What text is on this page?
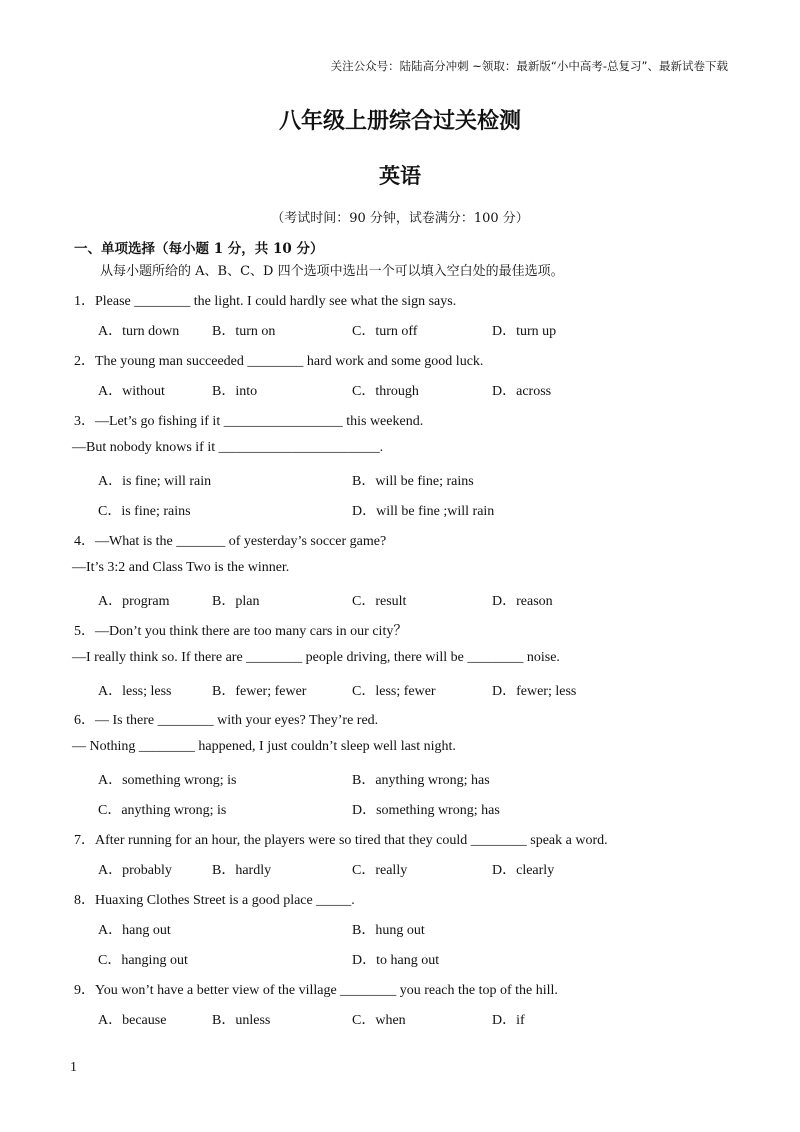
关注公众号：陆陆高分冲刺 ~领取：最新版“小中高考-总复习”、最新试卷下载
八年级上册综合过关检测
英语
（考试时间：90 分钟，试卷满分：100 分）
一、单项选择（每小题 1 分，共 10 分）
从每小题所给的 A、B、C、D 四个选项中选出一个可以填入空白处的最佳选项。
1．Please ________ the light. I could hardly see what the sign says.
A．turn down B．turn on	C．turn off	D．turn up
2．The young man succeeded ________ hard work and some good luck.
A．without	B．into	C．through	D．across
3．—Let’s go fishing if it _________________ this weekend.
—But nobody knows if it _______________________.
A．is fine; will rain	B．will be fine; rains
C．is fine; rains	D．will be fine ;will rain
4．—What is the _______ of yesterday’s soccer game?
—It’s 3:2 and Class Two is the winner.
A．program	B．plan	C．result	D．reason
5．—Don’t you think there are too many cars in our city？
—I really think so. If there are ________ people driving, there will be ________ noise.
A．less; less	B．fewer; fewer	C．less; fewer	D．fewer; less
6．— Is there ________ with your eyes? They’re red.
— Nothing ________ happened, I just couldn’t sleep well last night.
A．something wrong; is	B．anything wrong; has
C．anything wrong; is	D．something wrong; has
7．After running for an hour, the players were so tired that they could ________ speak a word.
A．probably	B．hardly	C．really	D．clearly
8．Huaxing Clothes Street is a good place _____.
A．hang out	B．hung out
C．hanging out	D．to hang out
9．You won’t have a better view of the village ________ you reach the top of the hill.
A．because	B．unless	C．when	D．if
1
